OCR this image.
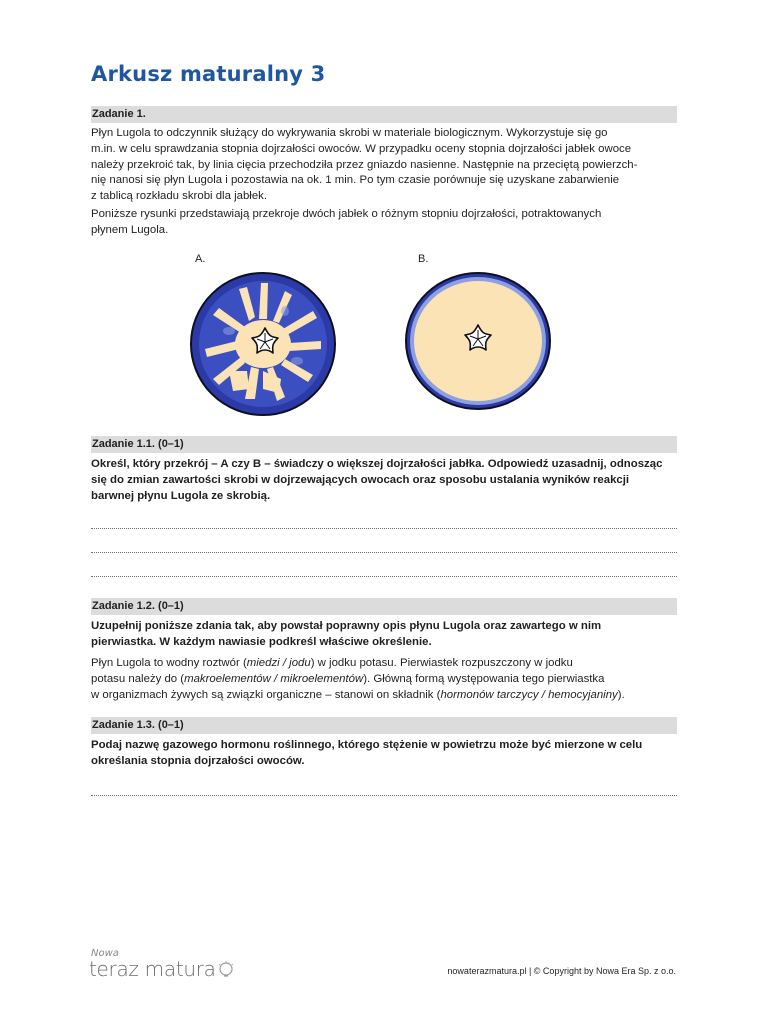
Arkusz maturalny 3
Zadanie 1.
Płyn Lugola to odczynnik służący do wykrywania skrobi w materiale biologicznym. Wykorzystuje się go
m.in. w celu sprawdzania stopnia dojrzałości owoców. W przypadku oceny stopnia dojrzałości jabłek owoce
należy przekroić tak, by linia cięcia przechodziła przez gniazdo nasienne. Następnie na przeciętą powierzch-
nię nanosi się płyn Lugola i pozostawia na ok. 1 min. Po tym czasie porównuje się uzyskane zabarwienie
z tablicą rozkładu skrobi dla jabłek.
Poniższe rysunki przedstawiają przekroje dwóch jabłek o różnym stopniu dojrzałości, potraktowanych
płynem Lugola.
A.	B.
Zadanie 1.1. (0–1)
Określ, który przekrój – A czy B – świadczy o większej dojrzałości jabłka. Odpowiedź uzasadnij, odnosząc
się do zmian zawartości skrobi w dojrzewających owocach oraz sposobu ustalania wyników reakcji
barwnej płynu Lugola ze skrobią.
Zadanie 1.2. (0–1)
Uzupełnij poniższe zdania tak, aby powstał poprawny opis płynu Lugola oraz zawartego w nim
pierwiastka. W każdym nawiasie podkreśl właściwe określenie.
Płyn Lugola to wodny roztwór (miedzi / jodu) w jodku potasu. Pierwiastek rozpuszczony w jodku
potasu należy do (makroelementów / mikroelementów). Główną formą występowania tego pierwiastka
w organizmach żywych są związki organiczne – stanowi on składnik (hormonów tarczycy / hemocyjaniny).
Zadanie 1.3. (0–1)
Podaj nazwę gazowego hormonu roślinnego, którego stężenie w powietrzu może być mierzone w celu
określania stopnia dojrzałości owoców.
Nowa
teraz matura	nowaterazmatura.pl | © Copyright by Nowa Era Sp. z o.o.
